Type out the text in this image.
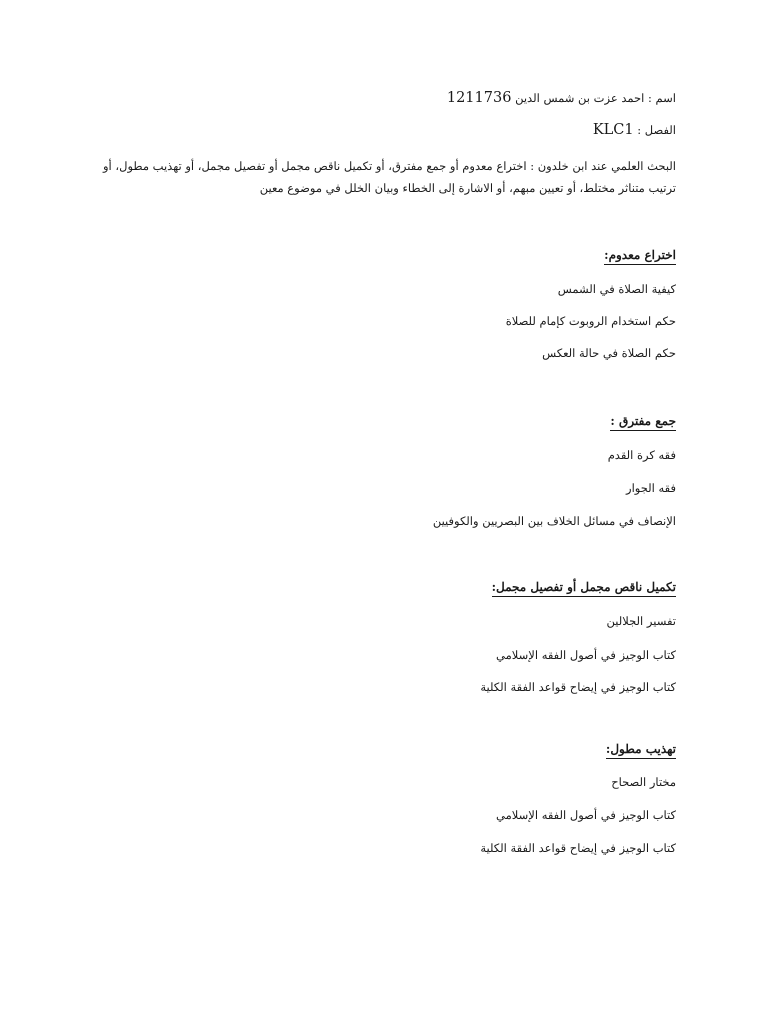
اسم : احمد عزت بن شمس الدين 1211736
الفصل : KLC1
البحث العلمي عند ابن خلدون : اختراع معدوم أو جمع مفترق، أو تكميل ناقص مجمل أو تفصيل مجمل، أو تهذيب مطول، أو ترتيب متناثر مختلط، أو تعيين مبهم، أو الاشارة إلى الخطاء وبيان الخلل في موضوع معين
اختراع معدوم:
كيفية الصلاة في الشمس
حكم استخدام الروبوت كإمام للصلاة
حكم الصلاة في حالة العكس
جمع مفترق :
فقه كرة القدم
فقه الجوار
الإنصاف في مسائل الخلاف بين البصريين والكوفيين
تكميل ناقص مجمل أو تفصيل مجمل:
تفسير الجلالين
كتاب الوجيز في أصول الفقه الإسلامي
كتاب الوجيز في إيضاح قواعد الفقة الكلية
تهذيب مطول:
مختار الصحاح
كتاب الوجيز في أصول الفقه الإسلامي
كتاب الوجيز في إيضاح قواعد الفقة الكلية
